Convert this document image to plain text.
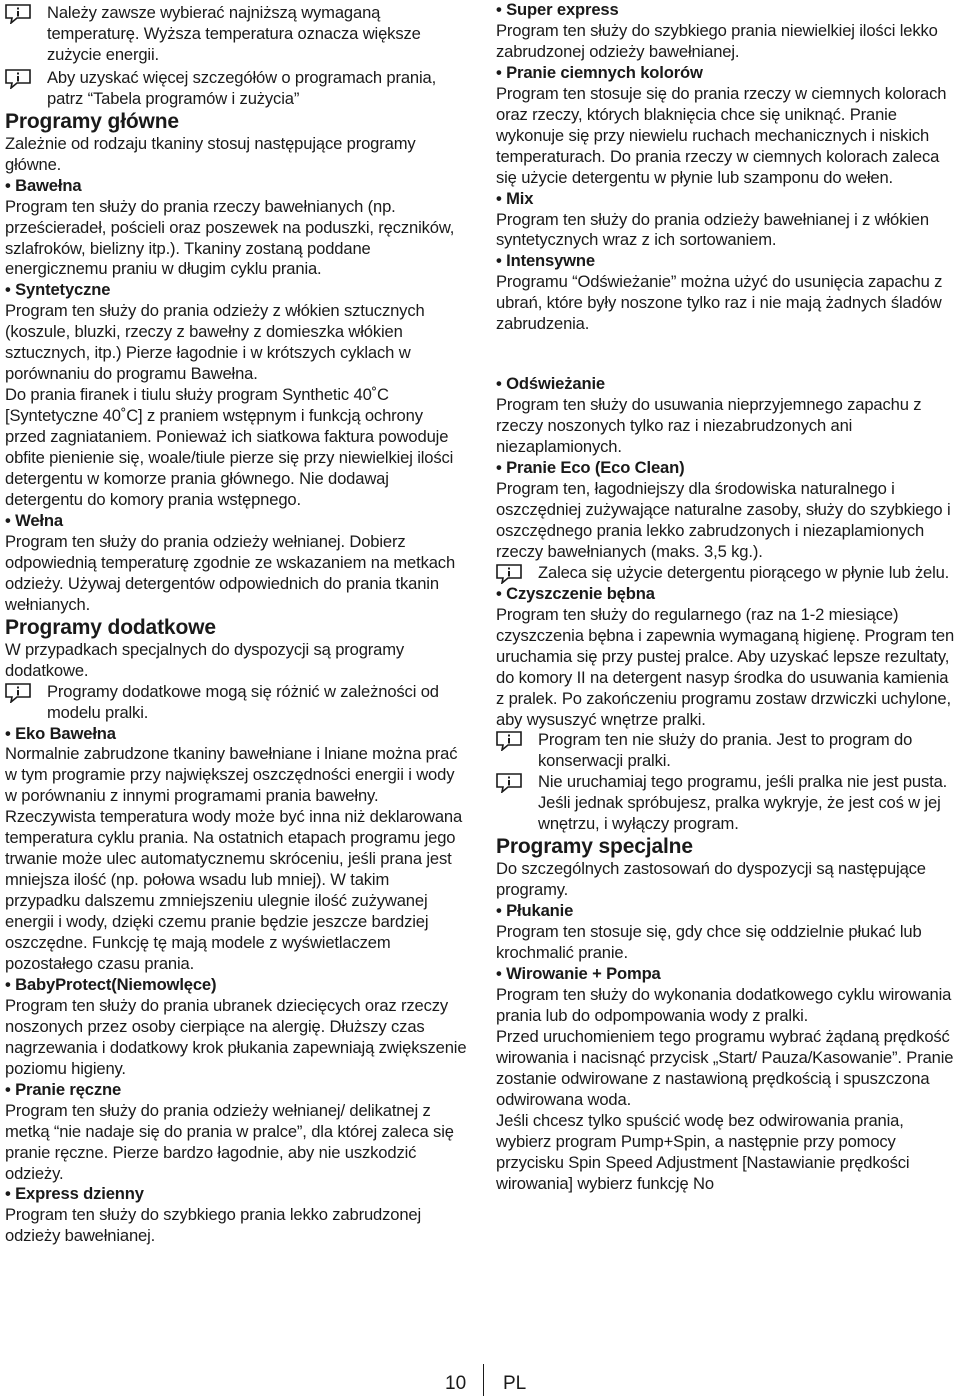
Należy zawsze wybierać najniższą wymaganą temperaturę. Wyższa temperatura oznacza większe zużycie energii.

Aby uzyskać więcej szczegółów o programach prania, patrz “Tabela programów i zużycia”

Programy główne

Zależnie od rodzaju tkaniny stosuj następujące programy główne.

• Bawełna

Program ten służy do prania rzeczy bawełnianych (np. prześcieradeł, pościeli oraz poszewek na poduszki, ręczników, szlafroków, bielizny itp.). Tkaniny zostaną poddane energicznemu praniu w długim cyklu prania.

• Syntetyczne

Program ten służy do prania odzieży z włókien sztucznych (koszule, bluzki, rzeczy z bawełny z domieszka włókien sztucznych, itp.) Pierze łagodnie i w krótszych cyklach w porównaniu do programu Bawełna.

Do prania firanek i tiulu służy program Synthetic 40˚C [Syntetyczne 40˚C] z praniem wstępnym i funkcją ochrony przed zagniataniem. Ponieważ ich siatkowa faktura powoduje obfite pienienie się, woale/tiule pierze się przy niewielkiej ilości detergentu w komorze prania głównego. Nie dodawaj detergentu do komory prania wstępnego.

• Wełna

Program ten służy do prania odzieży wełnianej. Dobierz odpowiednią temperaturę zgodnie ze wskazaniem na metkach odzieży. Używaj detergentów odpowiednich do prania tkanin wełnianych.

Programy dodatkowe

W przypadkach specjalnych do dyspozycji są programy dodatkowe.

Programy dodatkowe mogą się różnić w zależności od modelu pralki.

• Eko Bawełna

Normalnie zabrudzone tkaniny bawełniane i lniane można prać w tym programie przy największej oszczędności energii i wody w porównaniu z innymi programami prania bawełny. Rzeczywista temperatura wody może być inna niż deklarowana temperatura cyklu prania. Na ostatnich etapach programu jego trwanie może ulec automatycznemu skróceniu, jeśli prana jest mniejsza ilość (np. połowa wsadu lub mniej). W takim przypadku dalszemu zmniejszeniu ulegnie ilość zużywanej energii i wody, dzięki czemu pranie będzie jeszcze bardziej oszczędne. Funkcję tę mają modele z wyświetlaczem pozostałego czasu prania.

• BabyProtect(Niemowlęce)

Program ten służy do prania ubranek dziecięcych oraz rzeczy noszonych przez osoby cierpiące na alergię. Dłuższy czas nagrzewania i dodatkowy krok płukania zapewniają zwiększenie poziomu higieny.

• Pranie ręczne

Program ten służy do prania odzieży wełnianej/ delikatnej z metką “nie nadaje się do prania w pralce”, dla której zaleca się pranie ręczne. Pierze bardzo łagodnie, aby nie uszkodzić odzieży.

• Express dzienny

Program ten służy do szybkiego prania lekko zabrudzonej odzieży bawełnianej.

• Super express

Program ten służy do szybkiego prania niewielkiej ilości lekko zabrudzonej odzieży bawełnianej.

• Pranie ciemnych kolorów

Program ten stosuje się do prania rzeczy w ciemnych kolorach oraz rzeczy, których blaknięcia chce się uniknąć. Pranie wykonuje się przy niewielu ruchach mechanicznych i niskich temperaturach. Do prania rzeczy w ciemnych kolorach zaleca się użycie detergentu w płynie lub szamponu do wełen.

• Mix

Program ten służy do prania odzieży bawełnianej i z włókien syntetycznych wraz z ich sortowaniem.

• Intensywne

Programu “Odświeżanie” można użyć do usunięcia zapachu z ubrań, które były noszone tylko raz i nie mają żadnych śladów zabrudzenia.

• Odświeżanie

Program ten służy do usuwania nieprzyjemnego zapachu z rzeczy noszonych tylko raz i niezabrudzonych ani niezaplamionych.

• Pranie Eco (Eco Clean)

Program ten, łagodniejszy dla środowiska naturalnego i oszczędniej zużywające naturalne zasoby, służy do szybkiego i oszczędnego prania lekko zabrudzonych i niezaplamionych rzeczy bawełnianych (maks. 3,5 kg.).

Zaleca się użycie detergentu piorącego w płynie lub żelu.

• Czyszczenie bębna

Program ten służy do regularnego (raz na 1-2 miesiące) czyszczenia bębna i zapewnia wymaganą higienę. Program ten uruchamia się przy pustej pralce. Aby uzyskać lepsze rezultaty, do komory II na detergent nasyp środka do usuwania kamienia z pralek. Po zakończeniu programu zostaw drzwiczki uchylone, aby wysuszyć wnętrze pralki.

Program ten nie służy do prania. Jest to program do konserwacji pralki.

Nie uruchamiaj tego programu, jeśli pralka nie jest pusta. Jeśli jednak spróbujesz, pralka wykryje, że jest coś w jej wnętrzu, i wyłączy program.

Programy specjalne

Do szczególnych zastosowań do dyspozycji są następujące programy.

• Płukanie

Program ten stosuje się, gdy chce się oddzielnie płukać lub krochmalić pranie.

• Wirowanie + Pompa

Program ten służy do wykonania dodatkowego cyklu wirowania prania lub do odpompowania wody z pralki.

Przed uruchomieniem tego programu wybrać żądaną prędkość wirowania i nacisnąć przycisk „Start/ Pauza/Kasowanie”. Pranie zostanie odwirowane z nastawioną prędkością i spuszczona odwirowana woda.

Jeśli chcesz tylko spuścić wodę bez odwirowania prania, wybierz program Pump+Spin, a następnie przy pomocy przycisku Spin Speed Adjustment [Nastawianie prędkości wirowania] wybierz funkcję No

10 PL
